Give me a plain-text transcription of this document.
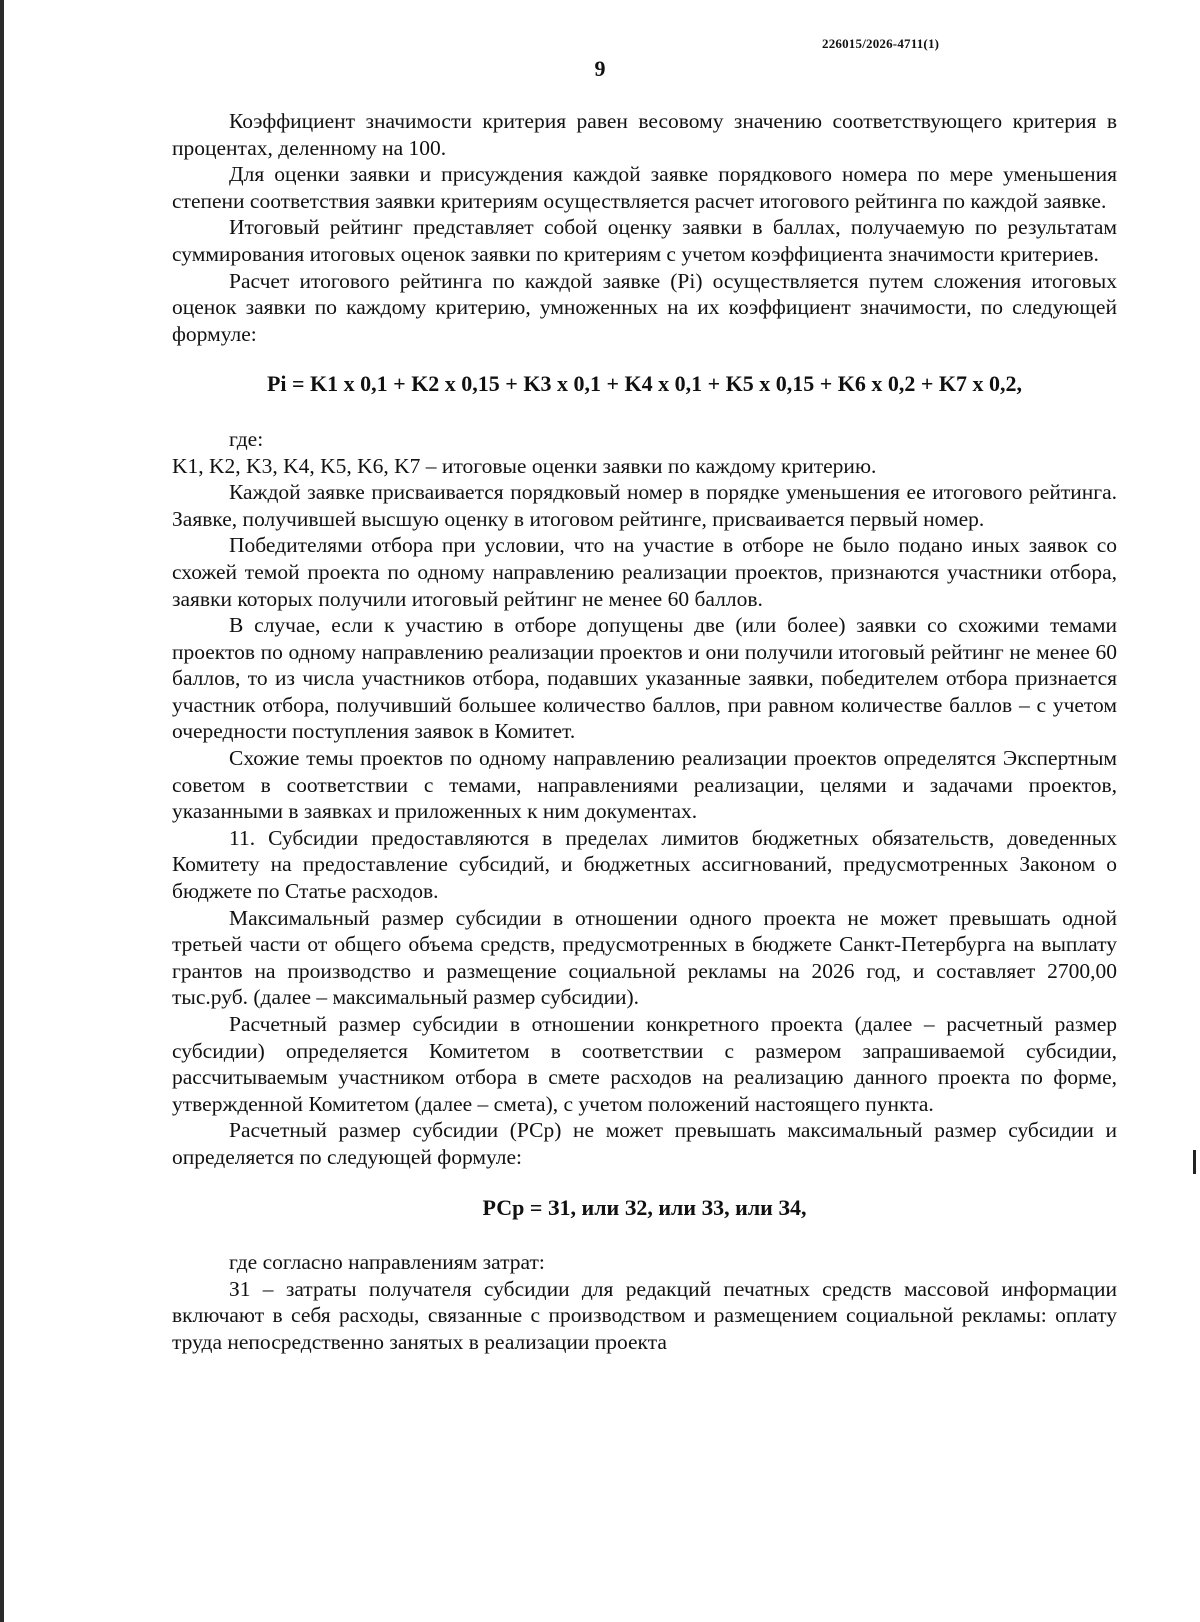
226015/2026-4711(1)
9

Коэффициент значимости критерия равен весовому значению соответствующего критерия в процентах, деленному на 100.

Для оценки заявки и присуждения каждой заявке порядкового номера по мере уменьшения степени соответствия заявки критериям осуществляется расчет итогового рейтинга по каждой заявке.

Итоговый рейтинг представляет собой оценку заявки в баллах, получаемую по результатам суммирования итоговых оценок заявки по критериям с учетом коэффициента значимости критериев.

Расчет итогового рейтинга по каждой заявке (Pi) осуществляется путем сложения итоговых оценок заявки по каждому критерию, умноженных на их коэффициент значимости, по следующей формуле:

Pi = K1 x 0,1 + K2 x 0,15 + K3 x 0,1 + K4 x 0,1 + K5 x 0,15 + K6 x 0,2 + K7 x 0,2,

где:

K1, K2, K3, K4, K5, K6, K7 – итоговые оценки заявки по каждому критерию.

Каждой заявке присваивается порядковый номер в порядке уменьшения ее итогового рейтинга. Заявке, получившей высшую оценку в итоговом рейтинге, присваивается первый номер.

Победителями отбора при условии, что на участие в отборе не было подано иных заявок со схожей темой проекта по одному направлению реализации проектов, признаются участники отбора, заявки которых получили итоговый рейтинг не менее 60 баллов.

В случае, если к участию в отборе допущены две (или более) заявки со схожими темами проектов по одному направлению реализации проектов и они получили итоговый рейтинг не менее 60 баллов, то из числа участников отбора, подавших указанные заявки, победителем отбора признается участник отбора, получивший большее количество баллов, при равном количестве баллов – с учетом очередности поступления заявок в Комитет.

Схожие темы проектов по одному направлению реализации проектов определятся Экспертным советом в соответствии с темами, направлениями реализации, целями и задачами проектов, указанными в заявках и приложенных к ним документах.

11. Субсидии предоставляются в пределах лимитов бюджетных обязательств, доведенных Комитету на предоставление субсидий, и бюджетных ассигнований, предусмотренных Законом о бюджете по Статье расходов.

Максимальный размер субсидии в отношении одного проекта не может превышать одной третьей части от общего объема средств, предусмотренных в бюджете Санкт-Петербурга на выплату грантов на производство и размещение социальной рекламы на 2026 год, и составляет 2700,00 тыс.руб. (далее – максимальный размер субсидии).

Расчетный размер субсидии в отношении конкретного проекта (далее – расчетный размер субсидии) определяется Комитетом в соответствии с размером запрашиваемой субсидии, рассчитываемым участником отбора в смете расходов на реализацию данного проекта по форме, утвержденной Комитетом (далее – смета), с учетом положений настоящего пункта.

Расчетный размер субсидии (РСр) не может превышать максимальный размер субсидии и определяется по следующей формуле:

РСр = З1, или З2, или З3, или З4,

где согласно направлениям затрат:

З1 – затраты получателя субсидии для редакций печатных средств массовой информации включают в себя расходы, связанные с производством и размещением социальной рекламы: оплату труда непосредственно занятых в реализации проекта
